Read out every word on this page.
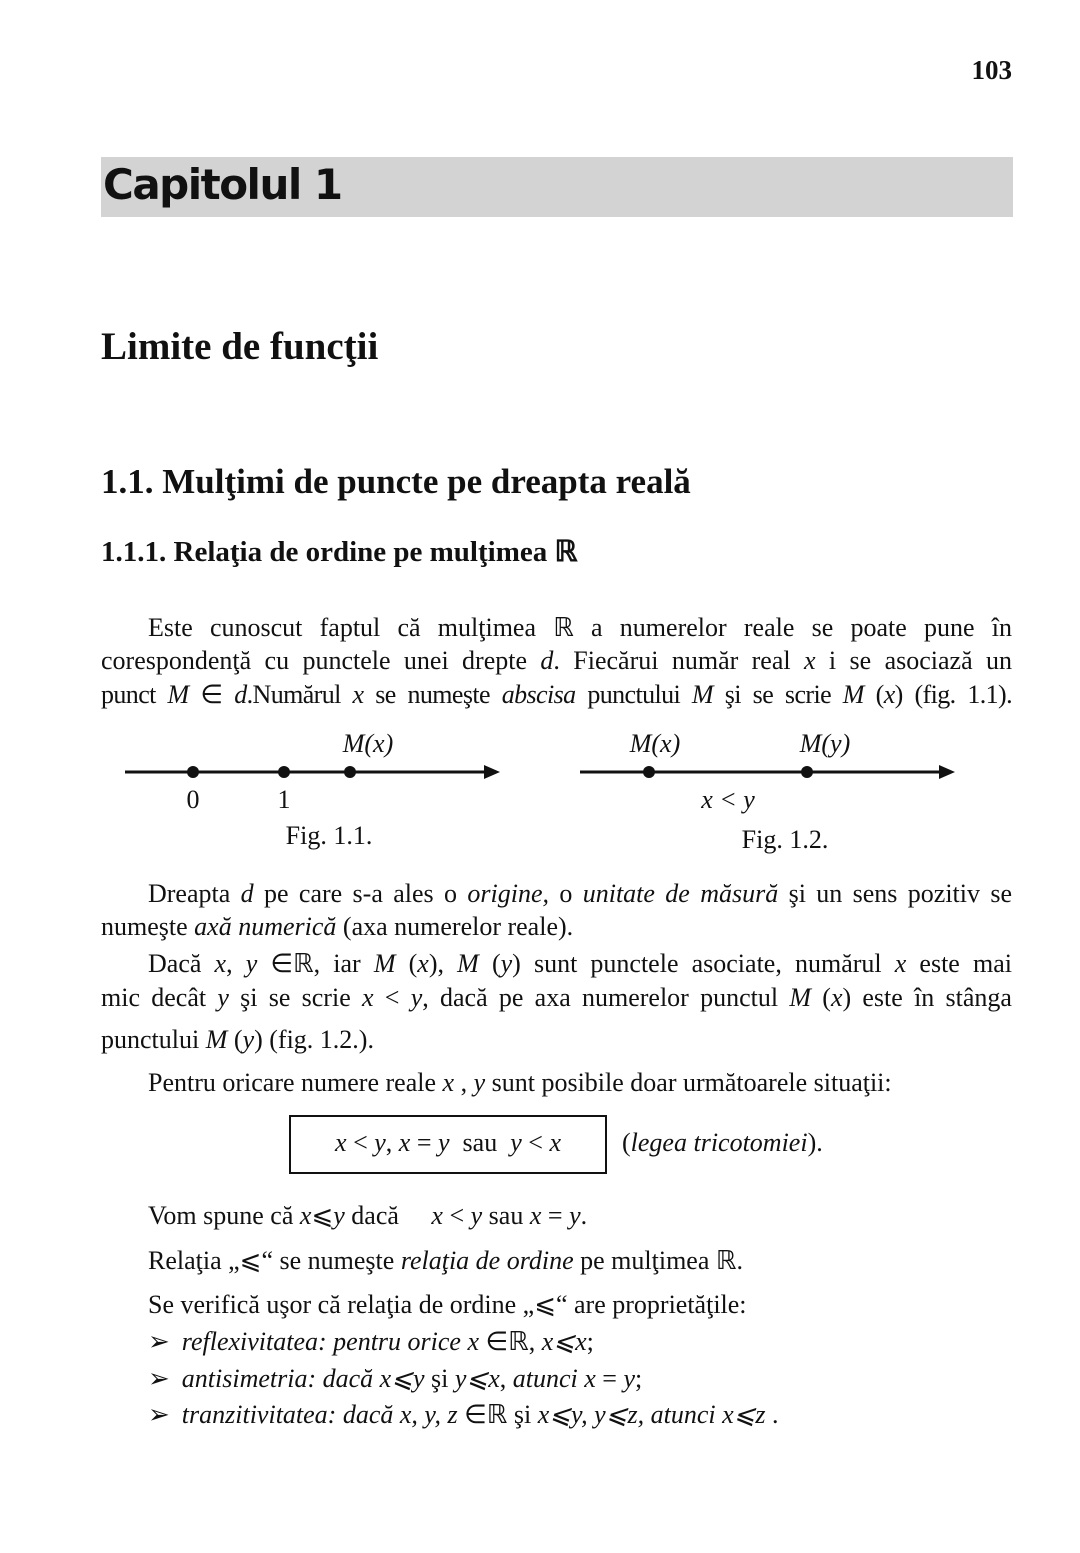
103
Capitolul 1
Limite de funcţii
1.1. Mulţimi de puncte pe dreapta reală
1.1.1. Relaţia de ordine pe mulţimea ℝ
Este cunoscut faptul că mulţimea ℝ a numerelor reale se poate pune în
corespondenţă cu punctele unei drepte d. Fiecărui număr real x i se asociază un
punct M ∈ d.Numărul x se numeşte abscisa punctului M şi se scrie M (x) (fig. 1.1).
0	1
M(x)
Fig. 1.1.
M(x)	M(y)
x < y
Fig. 1.2.
Dreapta d pe care s-a ales o origine, o unitate de măsură şi un sens pozitiv se
numeşte axă numerică (axa numerelor reale).
Dacă x, y ∈ℝ, iar M (x), M (y) sunt punctele asociate, numărul x este mai
mic decât y şi se scrie x < y, dacă pe axa numerelor punctul M (x) este în stânga
punctului M (y) (fig. 1.2.).
Pentru oricare numere reale x , y sunt posibile doar următoarele situaţii:
x < y, x = y  sau  y < x	(legea tricotomiei).
Vom spune că x⩽y dacă     x < y sau x = y.
Relaţia „⩽“ se numeşte relaţia de ordine pe mulţimea ℝ.
Se verifică uşor că relaţia de ordine „⩽“ are proprietăţile:
➢ reflexivitatea: pentru orice x ∈ℝ, x⩽x;
➢ antisimetria: dacă x⩽y şi y⩽x, atunci x = y;
➢ tranzitivitatea: dacă x, y, z ∈ℝ şi x⩽y, y⩽z, atunci x⩽z .
